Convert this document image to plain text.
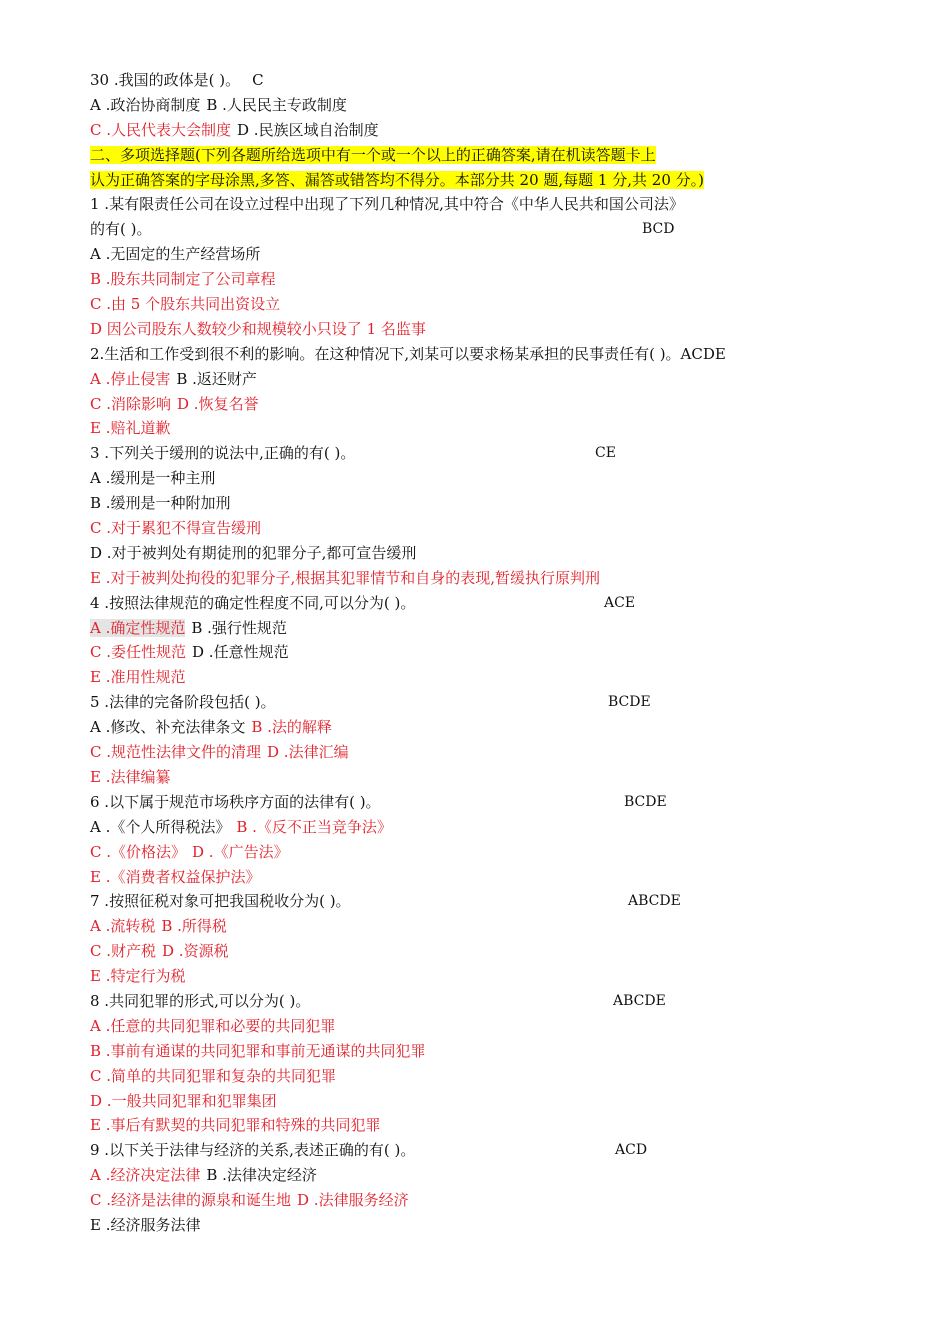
30 .我国的政体是( )。 C
A .政治协商制度 B .人民民主专政制度
C .人民代表大会制度 D .民族区域自治制度
二、多项选择题(下列各题所给选项中有一个或一个以上的正确答案,请在机读答题卡上
认为正确答案的字母涂黑,多答、漏答或错答均不得分。本部分共 20 题,每题 1 分,共 20 分。)
1 .某有限责任公司在设立过程中出现了下列几种情况,其中符合《中华人民共和国公司法》
的有( )。	BCD
A .无固定的生产经营场所
B .股东共同制定了公司章程
C .由 5 个股东共同出资设立
D 因公司股东人数较少和规模较小只设了 1 名监事
2.生活和工作受到很不利的影响。在这种情况下,刘某可以要求杨某承担的民事责任有( )。ACDE
A .停止侵害 B .返还财产
C .消除影响 D .恢复名誉
E .赔礼道歉
3 .下列关于缓刑的说法中,正确的有( )。	CE
A .缓刑是一种主刑
B .缓刑是一种附加刑
C .对于累犯不得宣告缓刑
D .对于被判处有期徒刑的犯罪分子,都可宣告缓刑
E .对于被判处拘役的犯罪分子,根据其犯罪情节和自身的表现,暂缓执行原判刑
4 .按照法律规范的确定性程度不同,可以分为( )。	ACE
A .确定性规范 B .强行性规范
C .委任性规范 D .任意性规范
E .准用性规范
5 .法律的完备阶段包括( )。	BCDE
A .修改、补充法律条文 B .法的解释
C .规范性法律文件的清理 D .法律汇编
E .法律编纂
6 .以下属于规范市场秩序方面的法律有( )。	BCDE
A .《个人所得税法》 B .《反不正当竞争法》
C .《价格法》 D .《广告法》
E .《消费者权益保护法》
7 .按照征税对象可把我国税收分为( )。	ABCDE
A .流转税 B .所得税
C .财产税 D .资源税
E .特定行为税
8 .共同犯罪的形式,可以分为( )。	ABCDE
A .任意的共同犯罪和必要的共同犯罪
B .事前有通谋的共同犯罪和事前无通谋的共同犯罪
C .简单的共同犯罪和复杂的共同犯罪
D .一般共同犯罪和犯罪集团
E .事后有默契的共同犯罪和特殊的共同犯罪
9 .以下关于法律与经济的关系,表述正确的有( )。	ACD
A .经济决定法律 B .法律决定经济
C .经济是法律的源泉和诞生地 D .法律服务经济
E .经济服务法律
